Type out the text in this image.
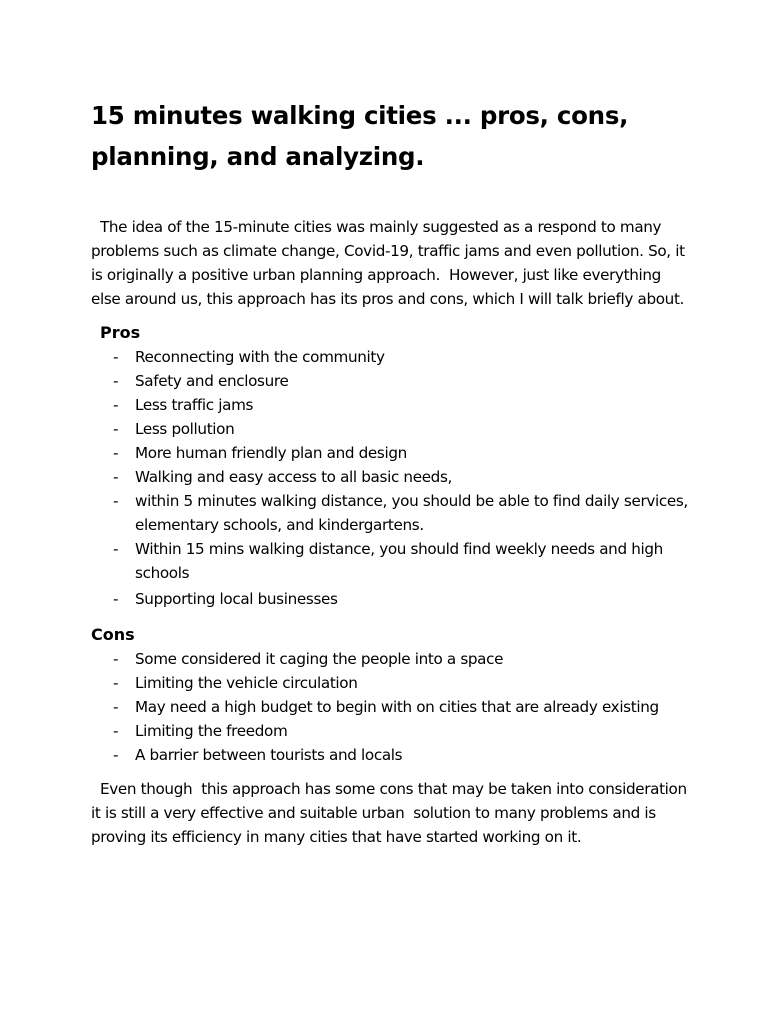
15 minutes walking cities ... pros, cons, planning, and analyzing.

The idea of the 15-minute cities was mainly suggested as a respond to many problems such as climate change, Covid-19, traffic jams and even pollution. So, it is originally a positive urban planning approach.  However, just like everything else around us, this approach has its pros and cons, which I will talk briefly about.

Pros
- Reconnecting with the community
- Safety and enclosure
- Less traffic jams
- Less pollution
- More human friendly plan and design
- Walking and easy access to all basic needs,
- within 5 minutes walking distance, you should be able to find daily services, elementary schools, and kindergartens.
- Within 15 mins walking distance, you should find weekly needs and high schools
- Supporting local businesses
Cons
- Some considered it caging the people into a space
- Limiting the vehicle circulation
- May need a high budget to begin with on cities that are already existing
- Limiting the freedom
- A barrier between tourists and locals

Even though  this approach has some cons that may be taken into consideration it is still a very effective and suitable urban  solution to many problems and is proving its efficiency in many cities that have started working on it.
